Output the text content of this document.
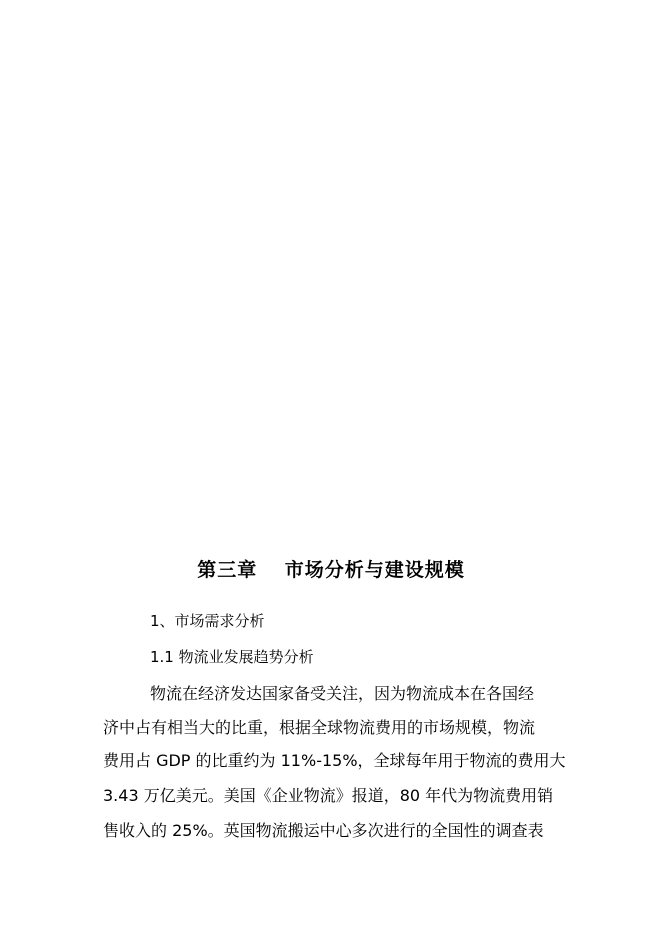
第三章　 市场分析与建设规模

1、市场需求分析

1.1 物流业发展趋势分析

物流在经济发达国家备受关注，因为物流成本在各国经

济中占有相当大的比重，根据全球物流费用的市场规模，物流

费用占 GDP 的比重约为 11%-15%，全球每年用于物流的费用大

3.43 万亿美元。美国《企业物流》报道，80 年代为物流费用销

售收入的 25%。英国物流搬运中心多次进行的全国性的调查表
